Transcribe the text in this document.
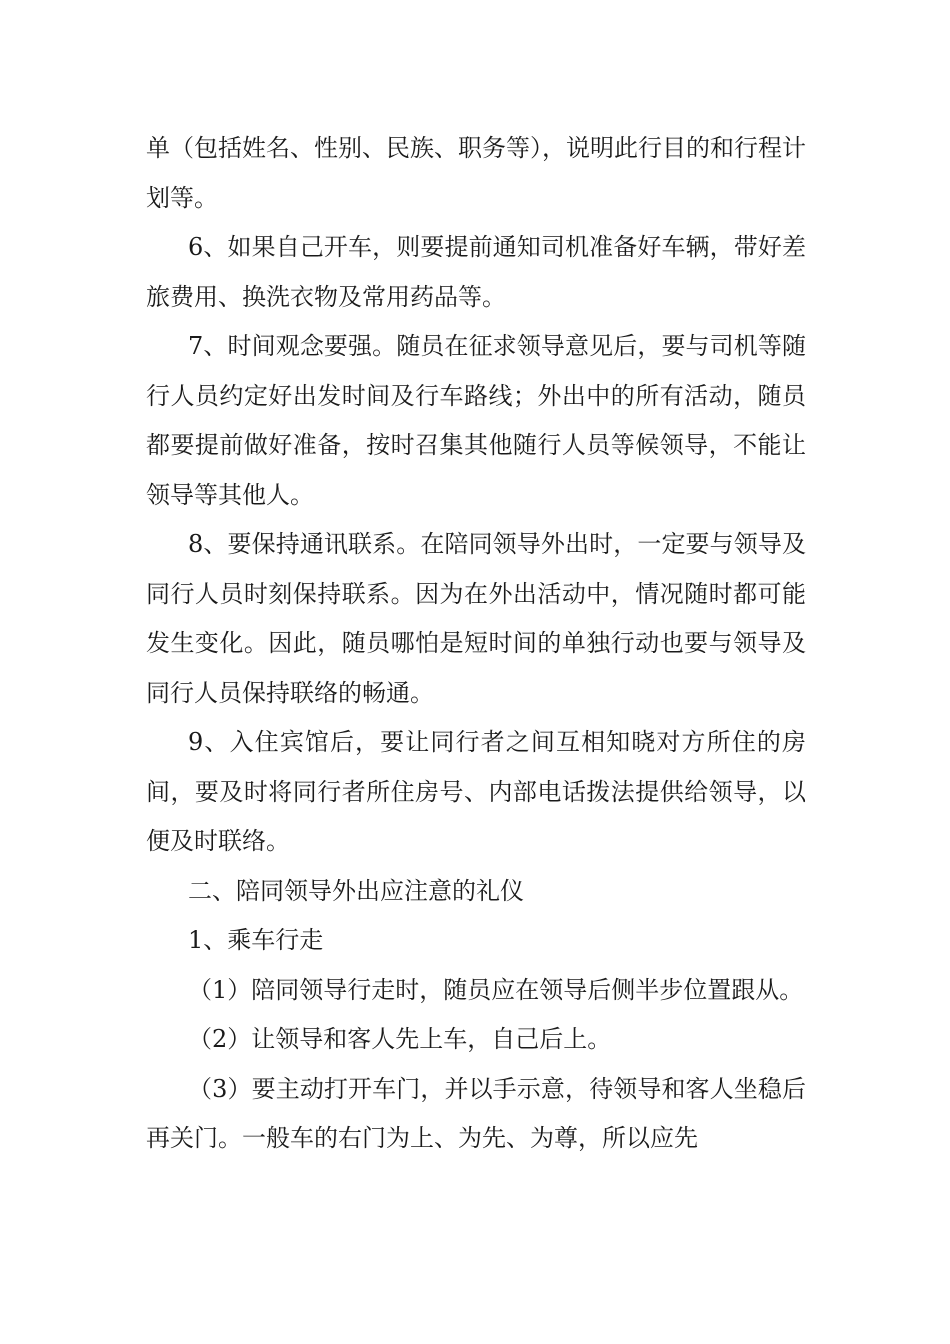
单（包括姓名、性别、民族、职务等），说明此行目的和行程计划等。

6、如果自己开车，则要提前通知司机准备好车辆，带好差旅费用、换洗衣物及常用药品等。

7、时间观念要强。随员在征求领导意见后，要与司机等随行人员约定好出发时间及行车路线；外出中的所有活动，随员都要提前做好准备，按时召集其他随行人员等候领导，不能让领导等其他人。

8、要保持通讯联系。在陪同领导外出时，一定要与领导及同行人员时刻保持联系。因为在外出活动中，情况随时都可能发生变化。因此，随员哪怕是短时间的单独行动也要与领导及同行人员保持联络的畅通。

9、入住宾馆后，要让同行者之间互相知晓对方所住的房间，要及时将同行者所住房号、内部电话拨法提供给领导，以便及时联络。

二、陪同领导外出应注意的礼仪

1、乘车行走

（1）陪同领导行走时，随员应在领导后侧半步位置跟从。

（2）让领导和客人先上车，自己后上。

（3）要主动打开车门，并以手示意，待领导和客人坐稳后再关门。一般车的右门为上、为先、为尊，所以应先
